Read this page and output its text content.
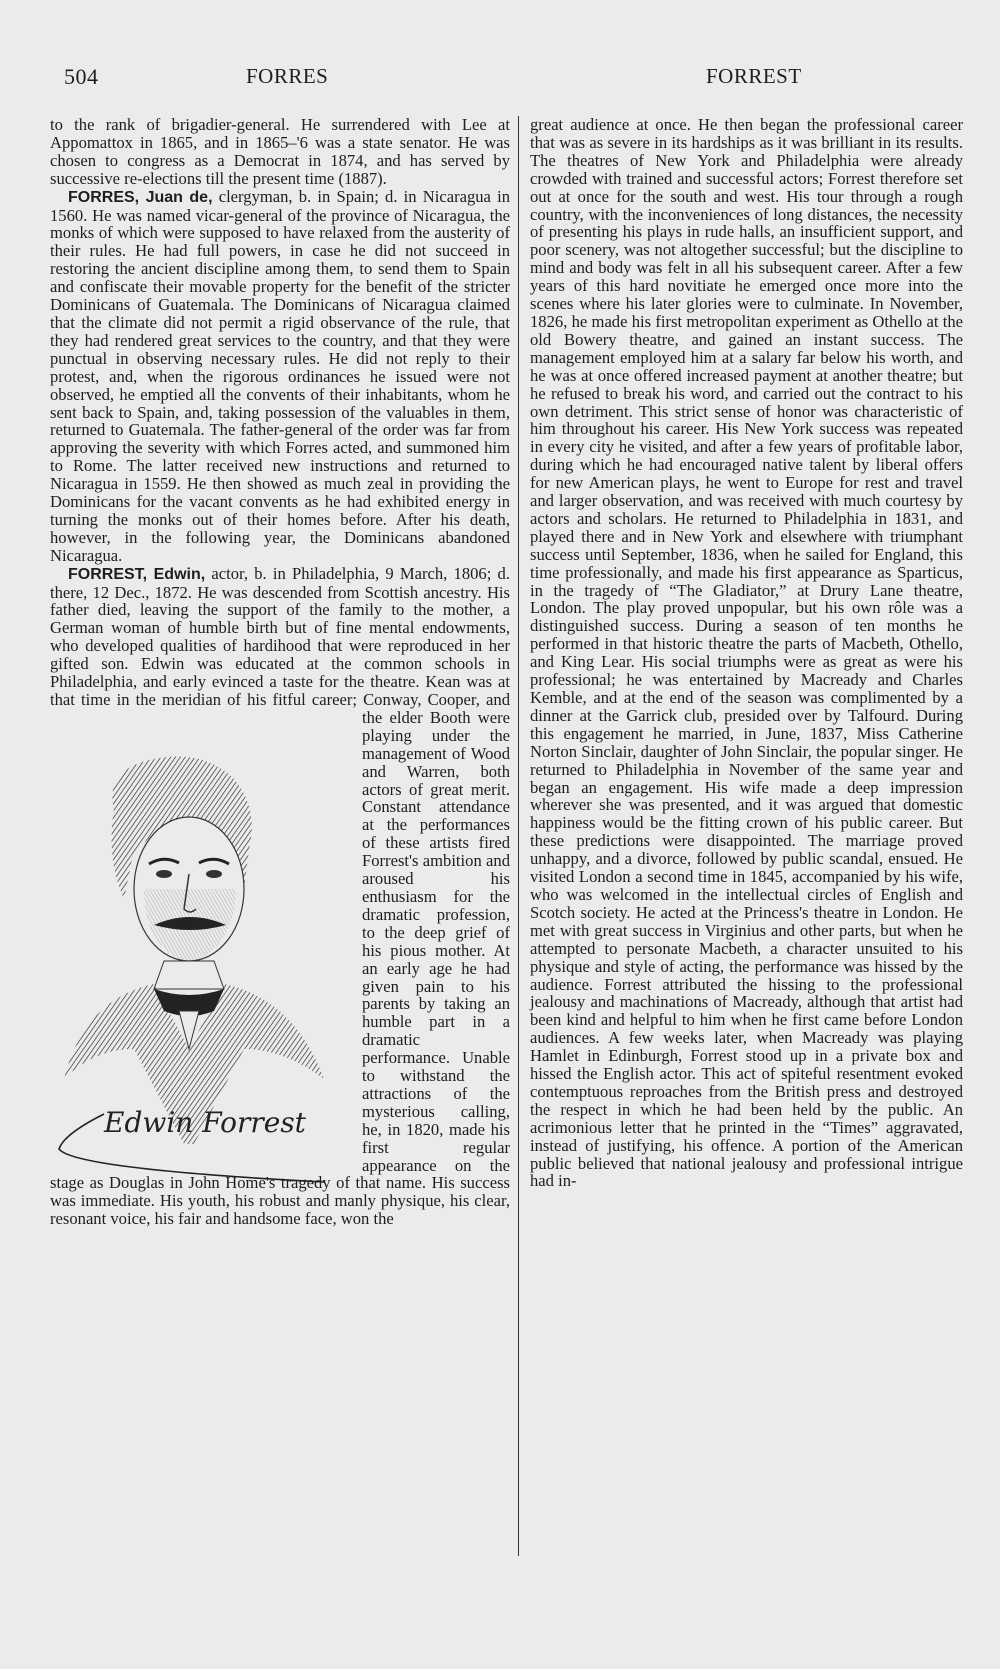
504	FORRES	FORREST

to the rank of brigadier-general. He surrendered with Lee at Appomattox in 1865, and in 1865–'6 was a state senator. He was chosen to congress as a Democrat in 1874, and has served by successive re-elections till the present time (1887).

FORRES, Juan de, clergyman, b. in Spain; d. in Nicaragua in 1560. He was named vicar-general of the province of Nicaragua, the monks of which were supposed to have relaxed from the austerity of their rules. He had full powers, in case he did not succeed in restoring the ancient discipline among them, to send them to Spain and confiscate their movable property for the benefit of the stricter Dominicans of Guatemala. The Dominicans of Nicaragua claimed that the climate did not permit a rigid observance of the rule, that they had rendered great services to the country, and that they were punctual in observing necessary rules. He did not reply to their protest, and, when the rigorous ordinances he issued were not observed, he emptied all the convents of their inhabitants, whom he sent back to Spain, and, taking possession of the valuables in them, returned to Guatemala. The father-general of the order was far from approving the severity with which Forres acted, and summoned him to Rome. The latter received new instructions and returned to Nicaragua in 1559. He then showed as much zeal in providing the Dominicans for the vacant convents as he had exhibited energy in turning the monks out of their homes before. After his death, however, in the following year, the Dominicans abandoned Nicaragua.

FORREST, Edwin, actor, b. in Philadelphia, 9 March, 1806; d. there, 12 Dec., 1872. He was descended from Scottish ancestry. His father died, leaving the support of the family to the mother, a German woman of humble birth but of fine mental endowments, who developed qualities of hardihood that were reproduced in her gifted son. Edwin was educated at the common schools in Philadelphia, and early evinced a taste for the theatre. Kean was at that time in the meridian of his fitful career; Conway, Cooper, and the elder
Edwin Forrest
Booth were playing under the management of Wood and Warren, both actors of great merit. Constant attendance at the performances of these artists fired Forrest's ambition and aroused his enthusiasm for the dramatic profession, to the deep grief of his pious mother. At an early age he had given pain to his parents by taking an humble part in a dramatic performance. Unable to withstand the attractions of the mysterious calling, he, in 1820, made his first regular appearance on the stage as Douglas in John Home's tragedy of that name. His success was immediate. His youth, his robust and manly physique, his clear, resonant voice, his fair and handsome face, won the

great audience at once. He then began the professional career that was as severe in its hardships as it was brilliant in its results. The theatres of New York and Philadelphia were already crowded with trained and successful actors; Forrest therefore set out at once for the south and west. His tour through a rough country, with the inconveniences of long distances, the necessity of presenting his plays in rude halls, an insufficient support, and poor scenery, was not altogether successful; but the discipline to mind and body was felt in all his subsequent career. After a few years of this hard novitiate he emerged once more into the scenes where his later glories were to culminate. In November, 1826, he made his first metropolitan experiment as Othello at the old Bowery theatre, and gained an instant success. The management employed him at a salary far below his worth, and he was at once offered increased payment at another theatre; but he refused to break his word, and carried out the contract to his own detriment. This strict sense of honor was characteristic of him throughout his career. His New York success was repeated in every city he visited, and after a few years of profitable labor, during which he had encouraged native talent by liberal offers for new American plays, he went to Europe for rest and travel and larger observation, and was received with much courtesy by actors and scholars. He returned to Philadelphia in 1831, and played there and in New York and elsewhere with triumphant success until September, 1836, when he sailed for England, this time professionally, and made his first appearance as Sparticus, in the tragedy of “The Gladiator,” at Drury Lane theatre, London. The play proved unpopular, but his own rôle was a distinguished success. During a season of ten months he performed in that historic theatre the parts of Macbeth, Othello, and King Lear. His social triumphs were as great as were his professional; he was entertained by Macready and Charles Kemble, and at the end of the season was complimented by a dinner at the Garrick club, presided over by Talfourd. During this engagement he married, in June, 1837, Miss Catherine Norton Sinclair, daughter of John Sinclair, the popular singer. He returned to Philadelphia in November of the same year and began an engagement. His wife made a deep impression wherever she was presented, and it was argued that domestic happiness would be the fitting crown of his public career. But these predictions were disappointed. The marriage proved unhappy, and a divorce, followed by public scandal, ensued. He visited London a second time in 1845, accompanied by his wife, who was welcomed in the intellectual circles of English and Scotch society. He acted at the Princess's theatre in London. He met with great success in Virginius and other parts, but when he attempted to personate Macbeth, a character unsuited to his physique and style of acting, the performance was hissed by the audience. Forrest attributed the hissing to the professional jealousy and machinations of Macready, although that artist had been kind and helpful to him when he first came before London audiences. A few weeks later, when Macready was playing Hamlet in Edinburgh, Forrest stood up in a private box and hissed the English actor. This act of spiteful resentment evoked contemptuous reproaches from the British press and destroyed the respect in which he had been held by the public. An acrimonious letter that he printed in the “Times” aggravated, instead of justifying, his offence. A portion of the American public believed that national jealousy and professional intrigue had in-
